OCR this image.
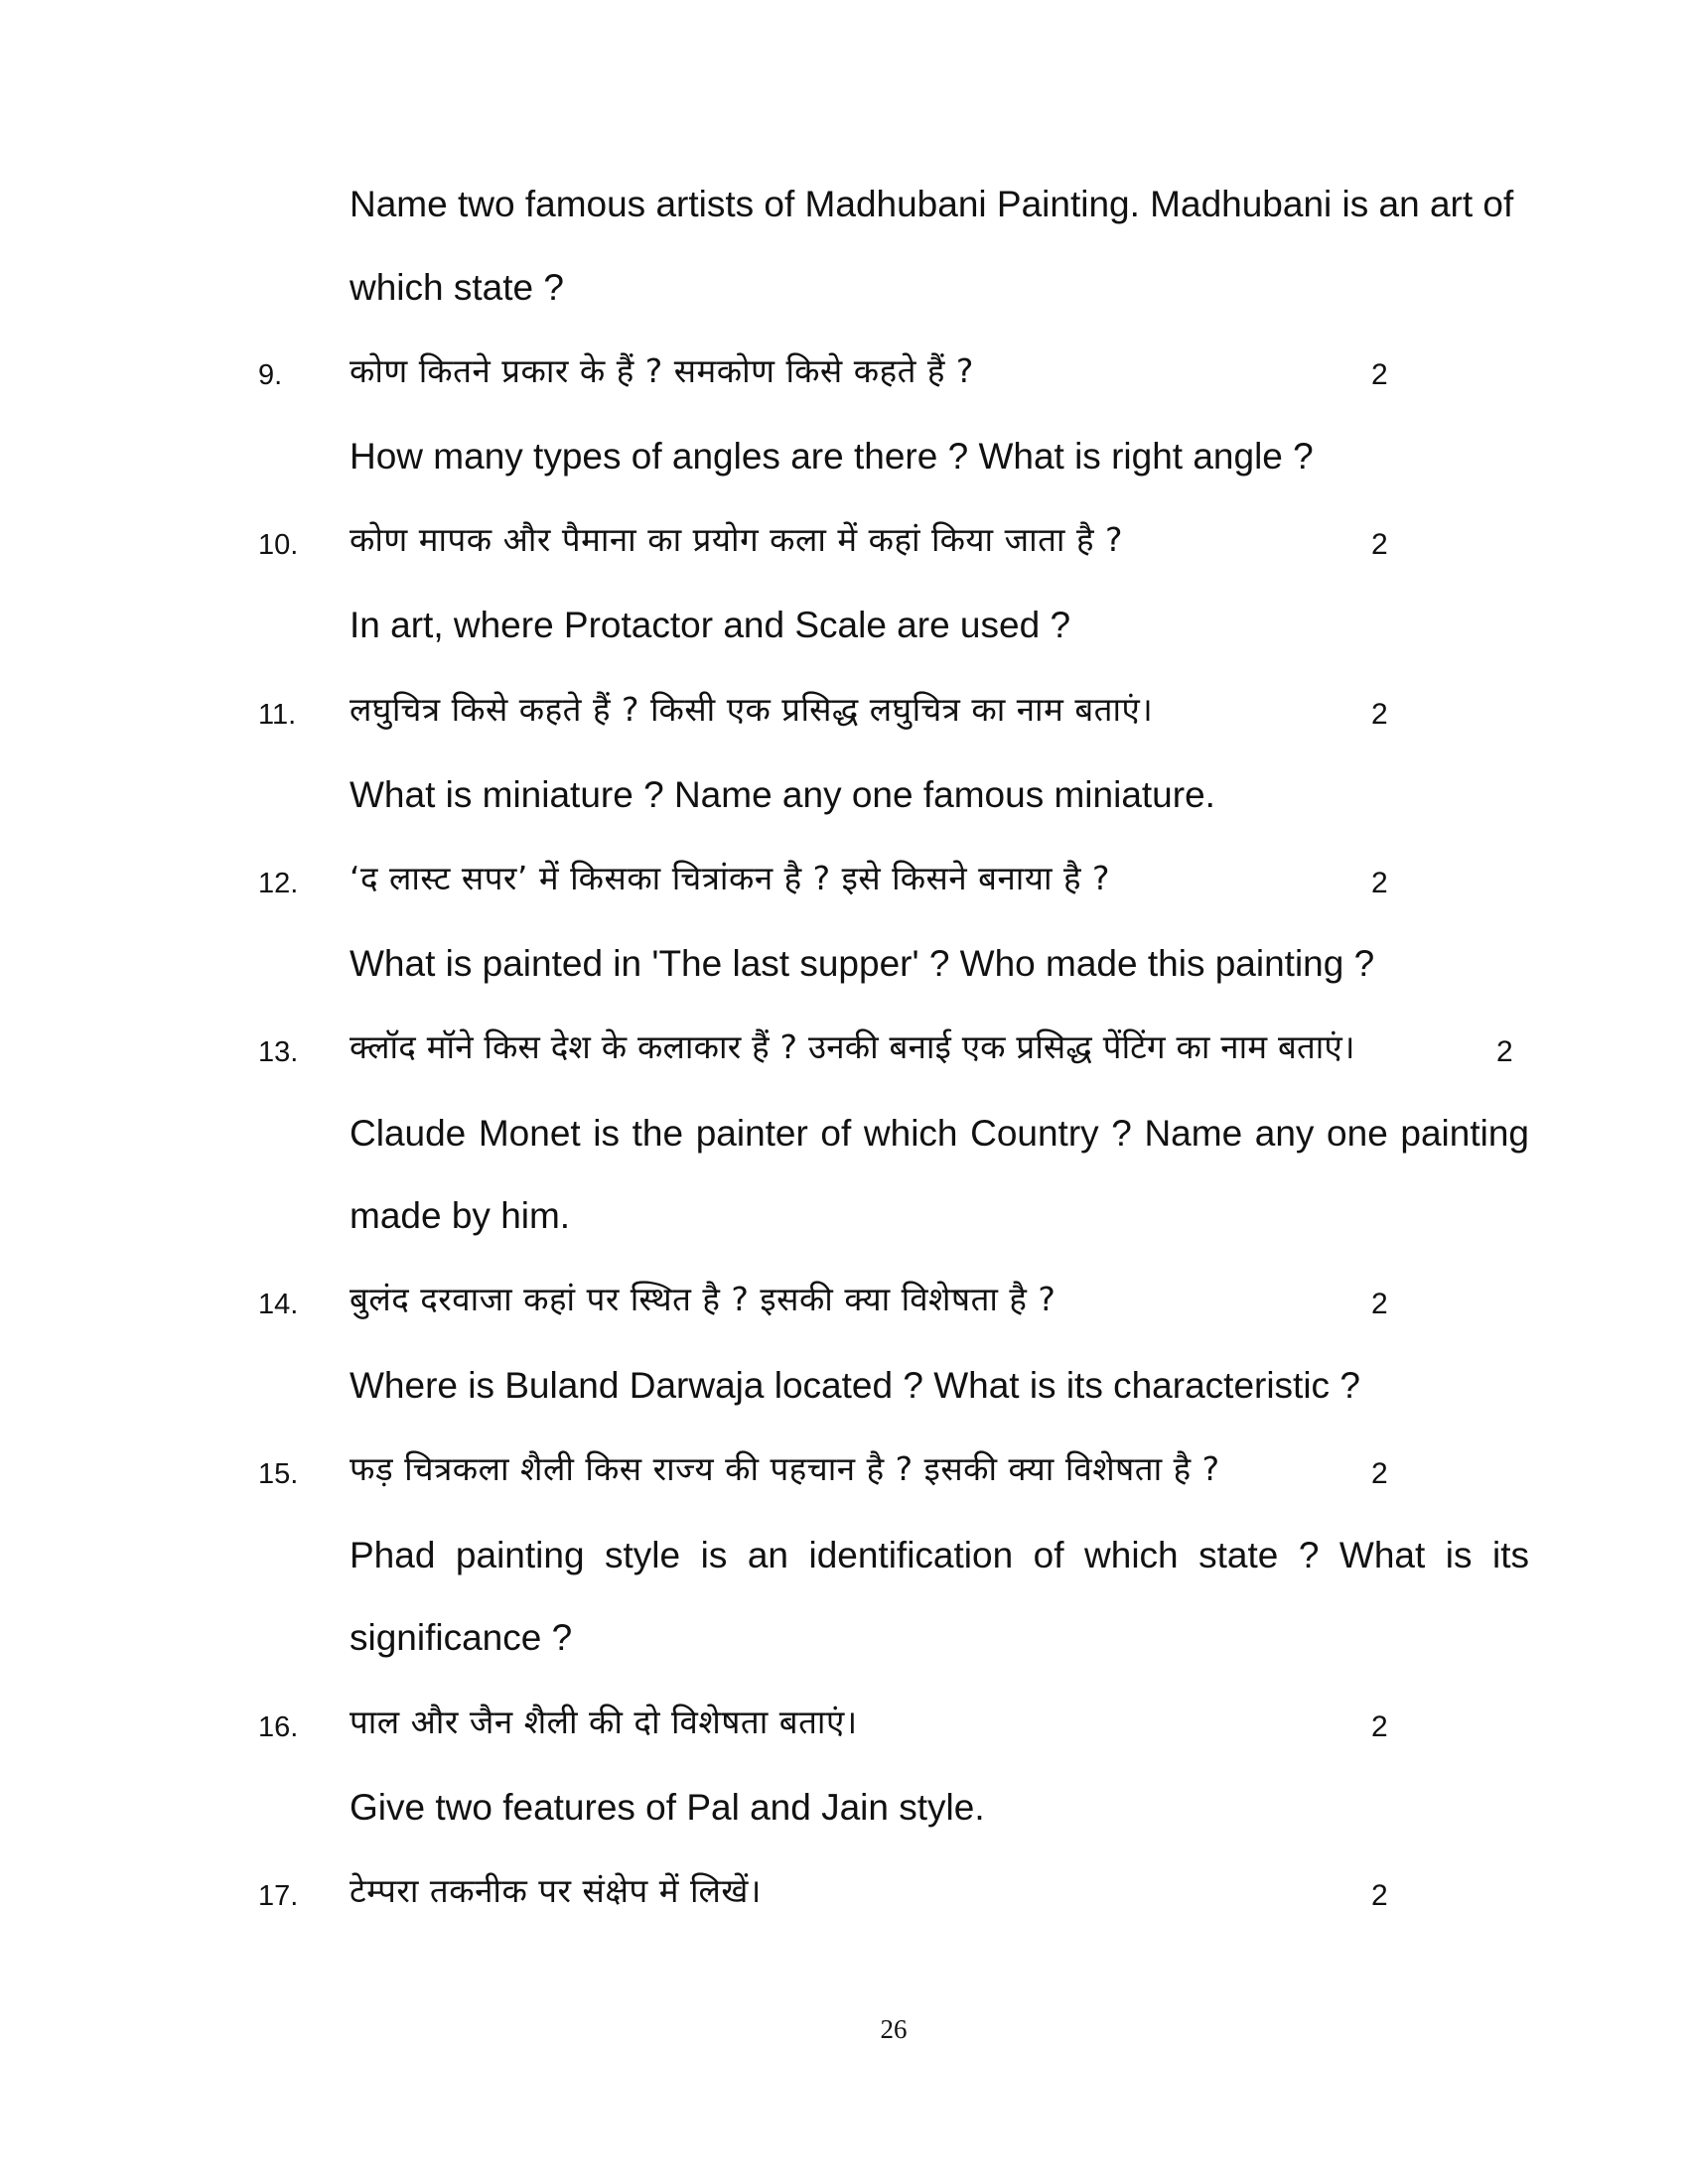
Name two famous artists of Madhubani Painting. Madhubani is an art of
which state ?
9. कोण कितने प्रकार के हैं ? समकोण किसे कहते हैं ?	2
How many types of angles are there ? What is right angle ?
10. कोण मापक और पैमाना का प्रयोग कला में कहां किया जाता है ?	2
In art, where Protactor and Scale are used ?
11. लघुचित्र किसे कहते हैं ? किसी एक प्रसिद्ध लघुचित्र का नाम बताएं।	2
What is miniature ? Name any one famous miniature.
12. ‘द लास्ट सपर’ में किसका चित्रांकन है ? इसे किसने बनाया है ?	2
What is painted in 'The last supper' ? Who made this painting ?
13. क्लॉद मॉने किस देश के कलाकार हैं ? उनकी बनाई एक प्रसिद्ध पेंटिंग का नाम बताएं।	2
Claude Monet is the painter of which Country ? Name any one painting
made by him.
14. बुलंद दरवाजा कहां पर स्थित है ? इसकी क्या विशेषता है ?	2
Where is Buland Darwaja located ? What is its characteristic ?
15. फड़ चित्रकला शैली किस राज्य की पहचान है ? इसकी क्या विशेषता है ?	2
Phad painting style is an identification of which state ? What is its
significance ?
16. पाल और जैन शैली की दो विशेषता बताएं।	2
Give two features of Pal and Jain style.
17. टेम्परा तकनीक पर संक्षेप में लिखें।	2
26
